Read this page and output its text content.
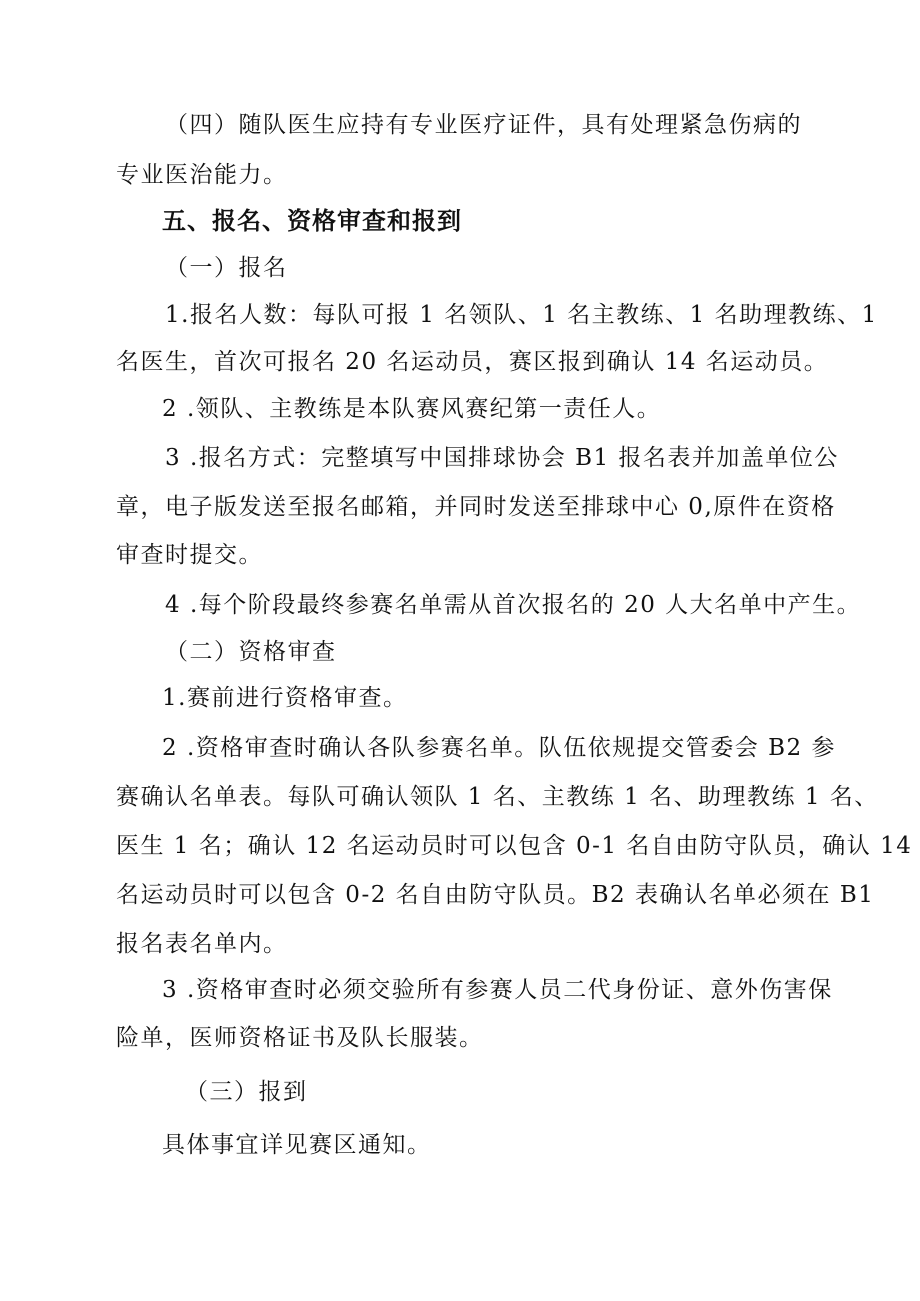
（四）随队医生应持有专业医疗证件，具有处理紧急伤病的
专业医治能力。
五、报名、资格审查和报到
（一）报名
1.报名人数：每队可报 1 名领队、1 名主教练、1 名助理教练、1
名医生，首次可报名 20 名运动员，赛区报到确认 14 名运动员。
2 .领队、主教练是本队赛风赛纪第一责任人。
3 .报名方式：完整填写中国排球协会 B1 报名表并加盖单位公
章，电子版发送至报名邮箱，并同时发送至排球中心 0,原件在资格
审查时提交。
4 .每个阶段最终参赛名单需从首次报名的 20 人大名单中产生。
（二）资格审查
1.赛前进行资格审查。
2 .资格审查时确认各队参赛名单。队伍依规提交管委会 B2 参
赛确认名单表。每队可确认领队 1 名、主教练 1 名、助理教练 1 名、
医生 1 名；确认 12 名运动员时可以包含 0-1 名自由防守队员，确认 14
名运动员时可以包含 0-2 名自由防守队员。B2 表确认名单必须在 B1
报名表名单内。
3 .资格审查时必须交验所有参赛人员二代身份证、意外伤害保
险单，医师资格证书及队长服装。
（三）报到
具体事宜详见赛区通知。
